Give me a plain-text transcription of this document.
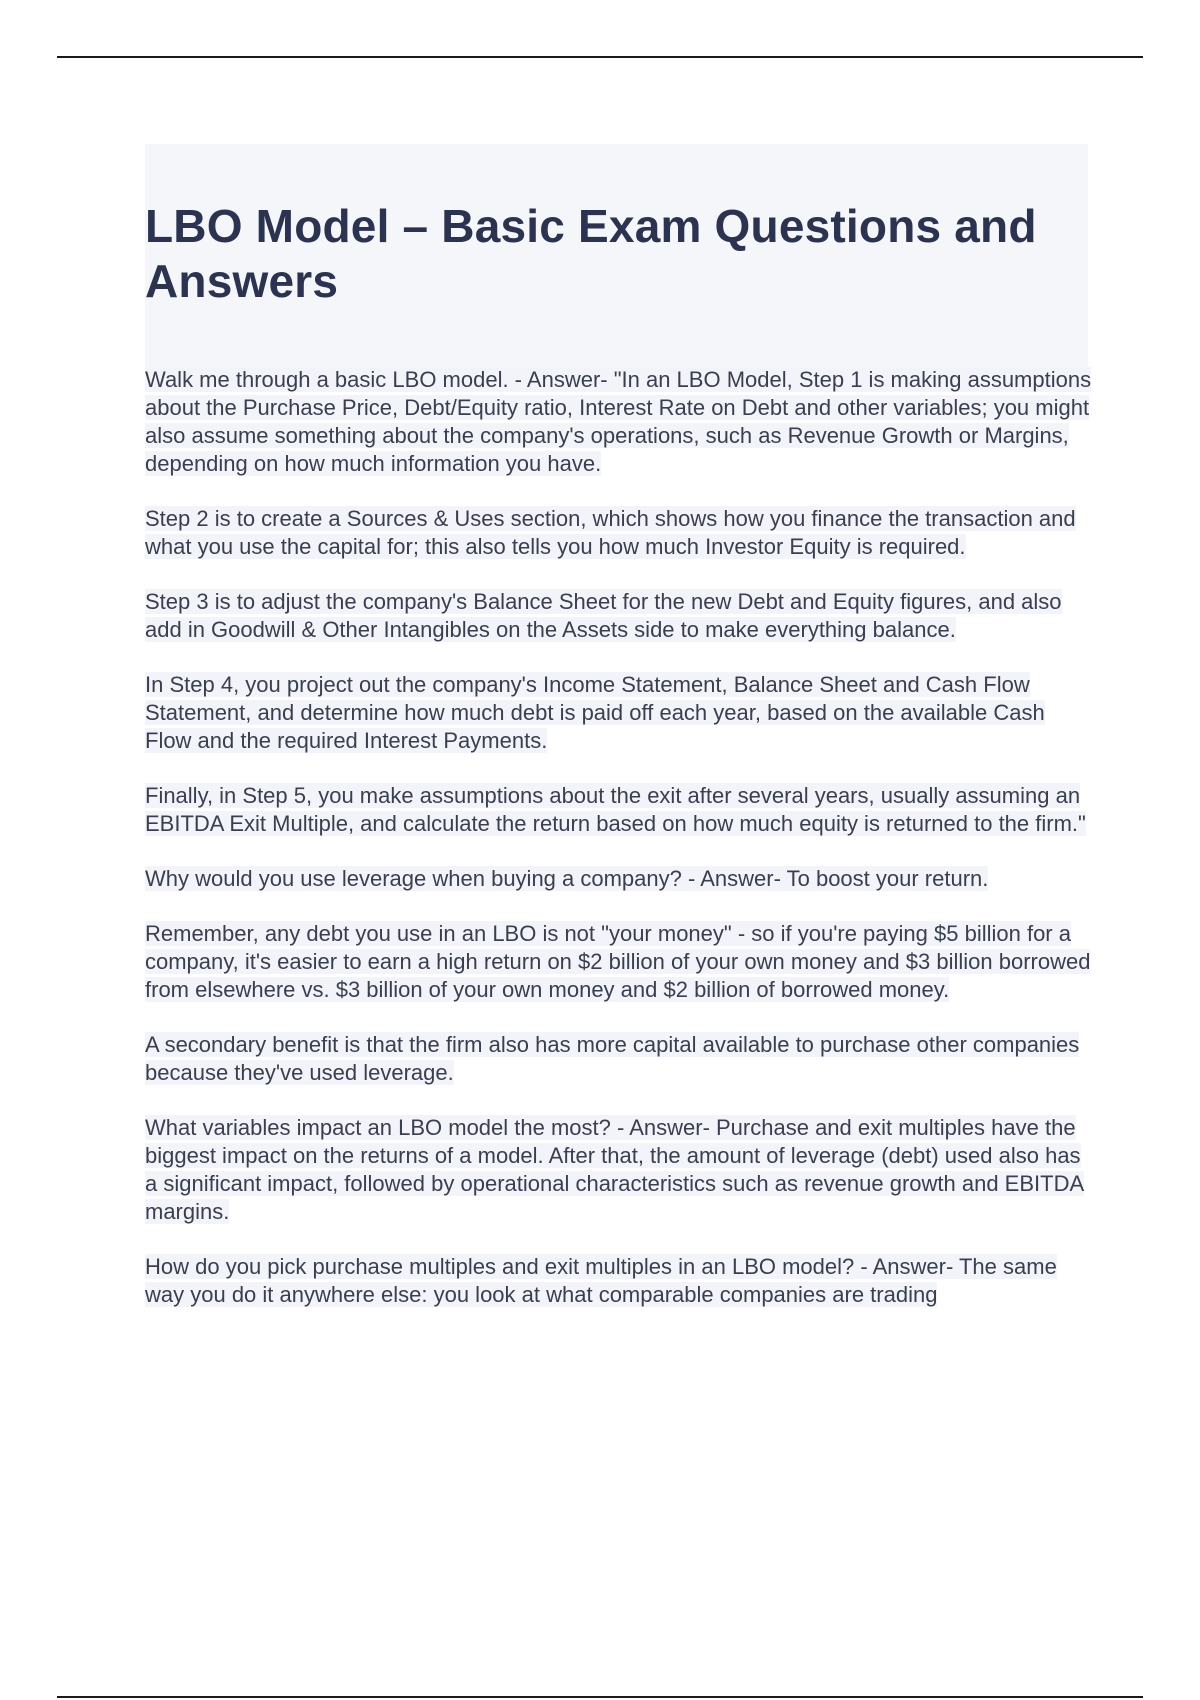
LBO Model – Basic Exam Questions and Answers

Walk me through a basic LBO model. - Answer- "In an LBO Model, Step 1 is making assumptions about the Purchase Price, Debt/Equity ratio, Interest Rate on Debt and other variables; you might also assume something about the company's operations, such as Revenue Growth or Margins, depending on how much information you have.

Step 2 is to create a Sources & Uses section, which shows how you finance the transaction and what you use the capital for; this also tells you how much Investor Equity is required.

Step 3 is to adjust the company's Balance Sheet for the new Debt and Equity figures, and also add in Goodwill & Other Intangibles on the Assets side to make everything balance.

In Step 4, you project out the company's Income Statement, Balance Sheet and Cash Flow Statement, and determine how much debt is paid off each year, based on the available Cash Flow and the required Interest Payments.

Finally, in Step 5, you make assumptions about the exit after several years, usually assuming an EBITDA Exit Multiple, and calculate the return based on how much equity is returned to the firm."

Why would you use leverage when buying a company? - Answer- To boost your return.

Remember, any debt you use in an LBO is not "your money" - so if you're paying $5 billion for a company, it's easier to earn a high return on $2 billion of your own money and $3 billion borrowed from elsewhere vs. $3 billion of your own money and $2 billion of borrowed money.

A secondary benefit is that the firm also has more capital available to purchase other companies because they've used leverage.

What variables impact an LBO model the most? - Answer- Purchase and exit multiples have the biggest impact on the returns of a model. After that, the amount of leverage (debt) used also has a significant impact, followed by operational characteristics such as revenue growth and EBITDA margins.

How do you pick purchase multiples and exit multiples in an LBO model? - Answer- The same way you do it anywhere else: you look at what comparable companies are trading
